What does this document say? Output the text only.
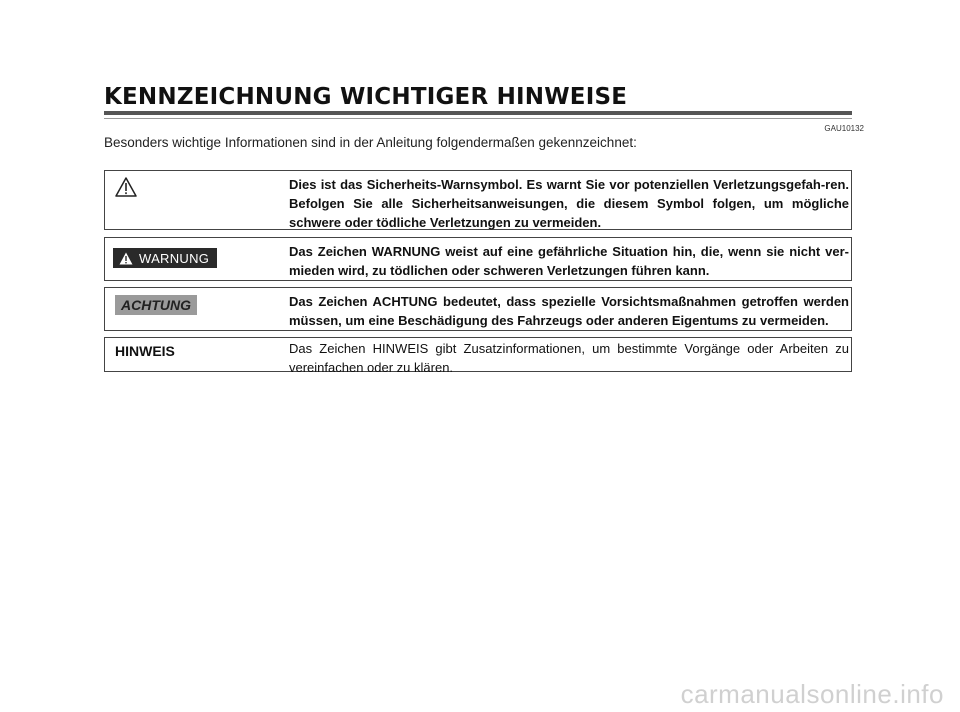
KENNZEICHNUNG WICHTIGER HINWEISE
GAU10132
Besonders wichtige Informationen sind in der Anleitung folgendermaßen gekennzeichnet:
Dies ist das Sicherheits-Warnsymbol. Es warnt Sie vor potenziellen Verletzungsgefah-ren. Befolgen Sie alle Sicherheitsanweisungen, die diesem Symbol folgen, um mögliche schwere oder tödliche Verletzungen zu vermeiden.
WARNUNG	Das Zeichen WARNUNG weist auf eine gefährliche Situation hin, die, wenn sie nicht ver-mieden wird, zu tödlichen oder schweren Verletzungen führen kann.
ACHTUNG	Das Zeichen ACHTUNG bedeutet, dass spezielle Vorsichtsmaßnahmen getroffen werden müssen, um eine Beschädigung des Fahrzeugs oder anderen Eigentums zu vermeiden.
HINWEIS	Das Zeichen HINWEIS gibt Zusatzinformationen, um bestimmte Vorgänge oder Arbeiten zu vereinfachen oder zu klären.
carmanualsonline.info
